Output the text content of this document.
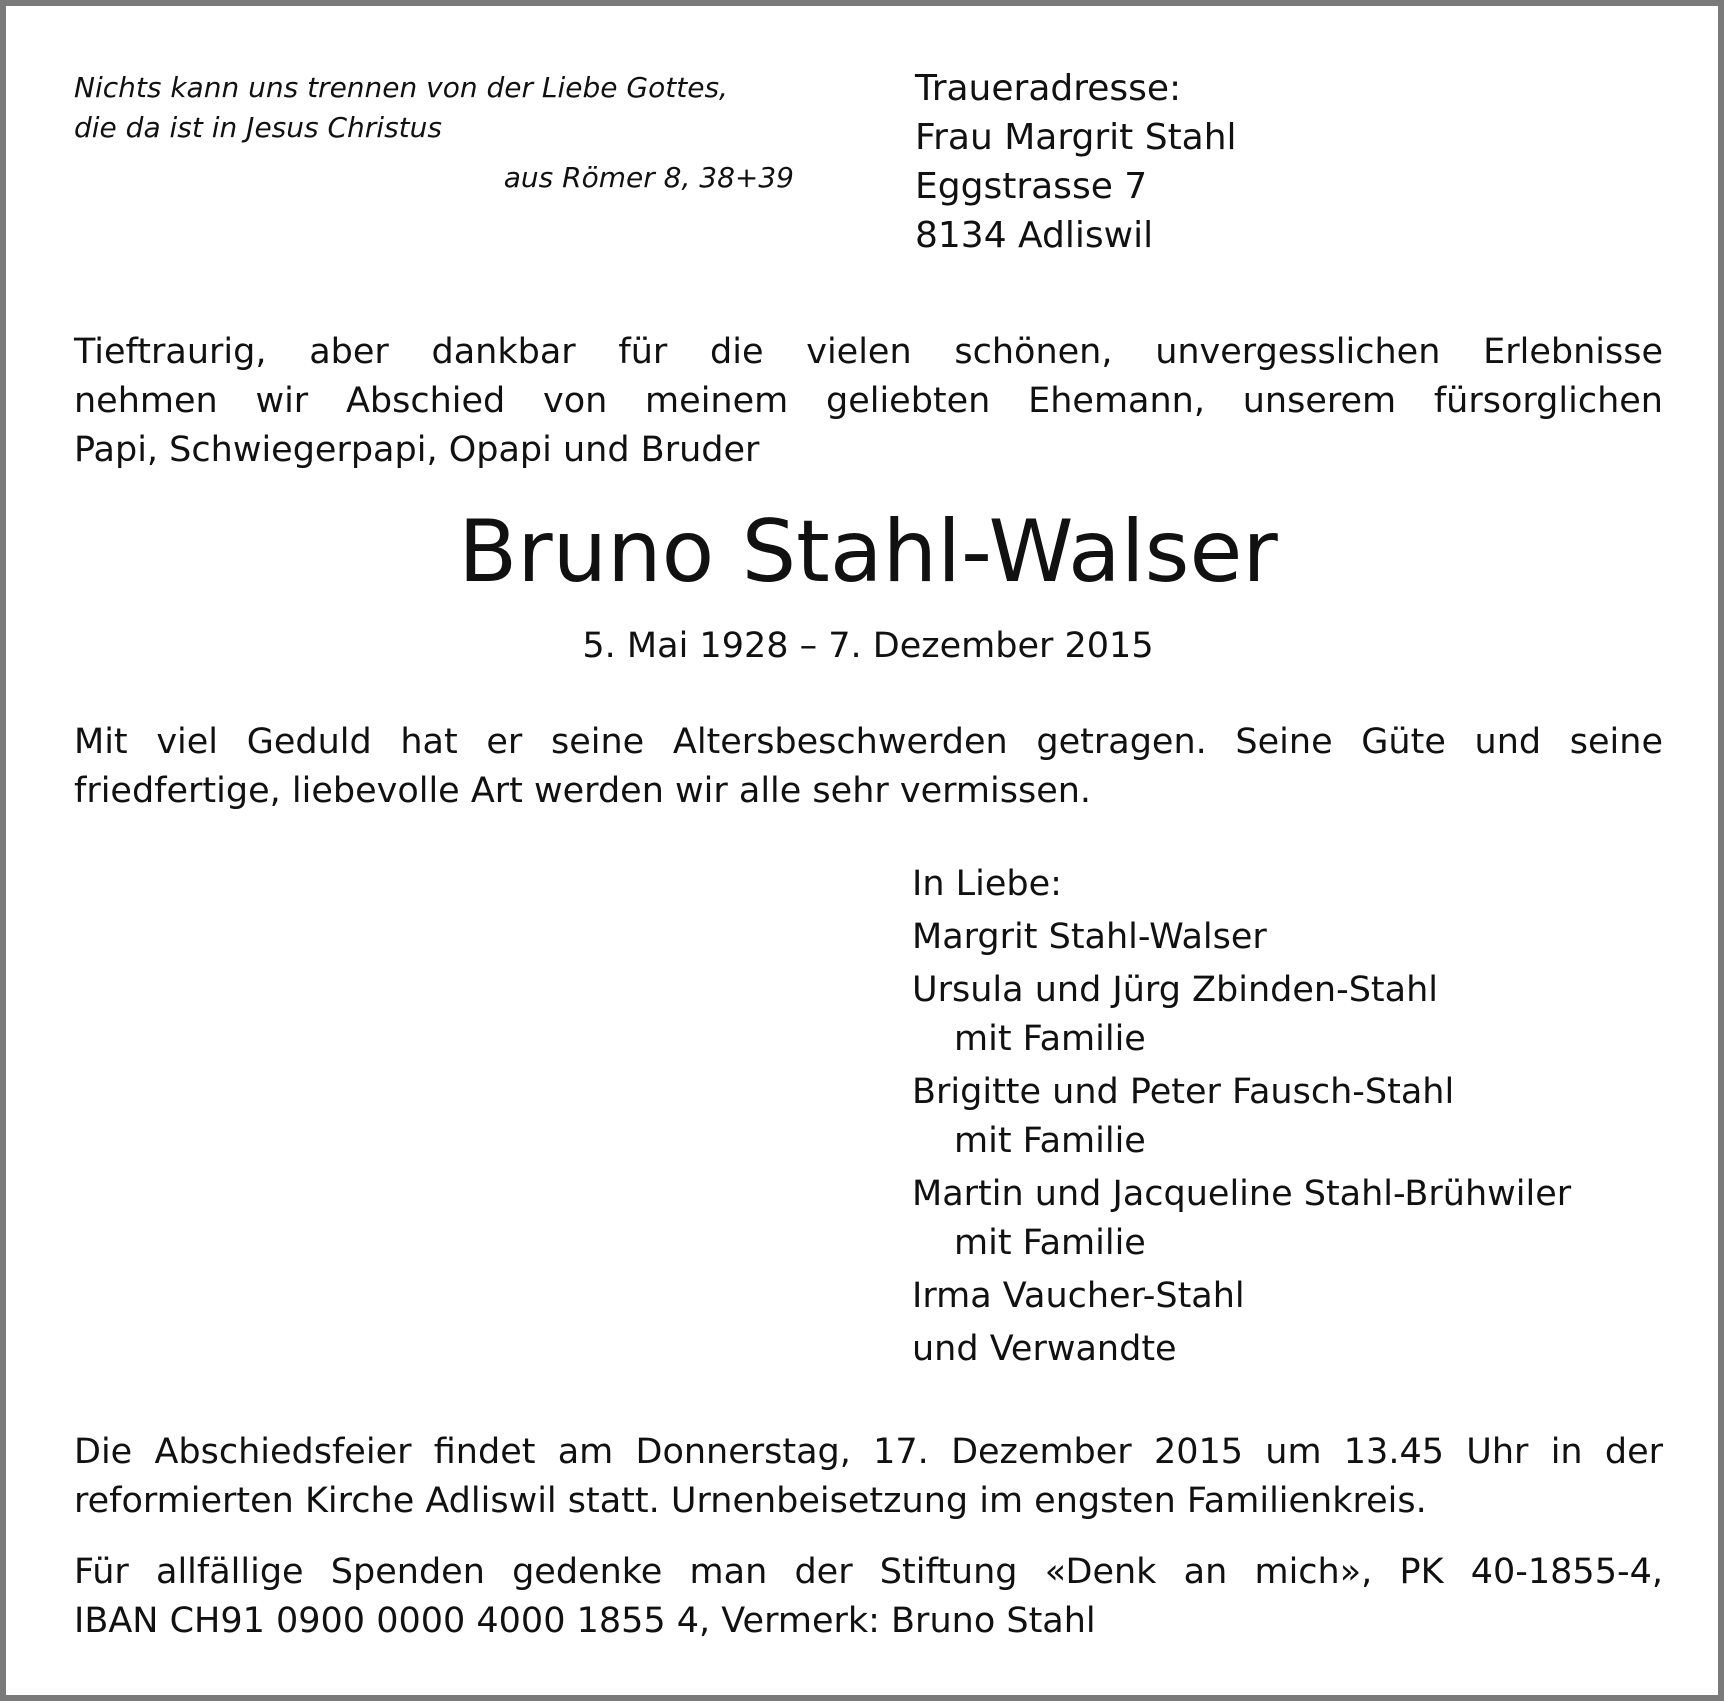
Nichts kann uns trennen von der Liebe Gottes,
die da ist in Jesus Christus
aus Römer 8, 38+39
Traueradresse:
Frau Margrit Stahl
Eggstrasse 7
8134 Adliswil
Tieftraurig, aber dankbar für die vielen schönen, unvergesslichen Erlebnisse
nehmen wir Abschied von meinem geliebten Ehemann, unserem fürsorglichen
Papi, Schwiegerpapi, Opapi und Bruder
Bruno Stahl-Walser
5. Mai 1928 – 7. Dezember 2015
Mit viel Geduld hat er seine Altersbeschwerden getragen. Seine Güte und seine
friedfertige, liebevolle Art werden wir alle sehr vermissen.
In Liebe:
Margrit Stahl-Walser
Ursula und Jürg Zbinden-Stahl
mit Familie
Brigitte und Peter Fausch-Stahl
mit Familie
Martin und Jacqueline Stahl-Brühwiler
mit Familie
Irma Vaucher-Stahl
und Verwandte
Die Abschiedsfeier findet am Donnerstag, 17. Dezember 2015 um 13.45 Uhr in der
reformierten Kirche Adliswil statt. Urnenbeisetzung im engsten Familienkreis.
Für allfällige Spenden gedenke man der Stiftung «Denk an mich», PK 40-1855-4,
IBAN CH91 0900 0000 4000 1855 4, Vermerk: Bruno Stahl
